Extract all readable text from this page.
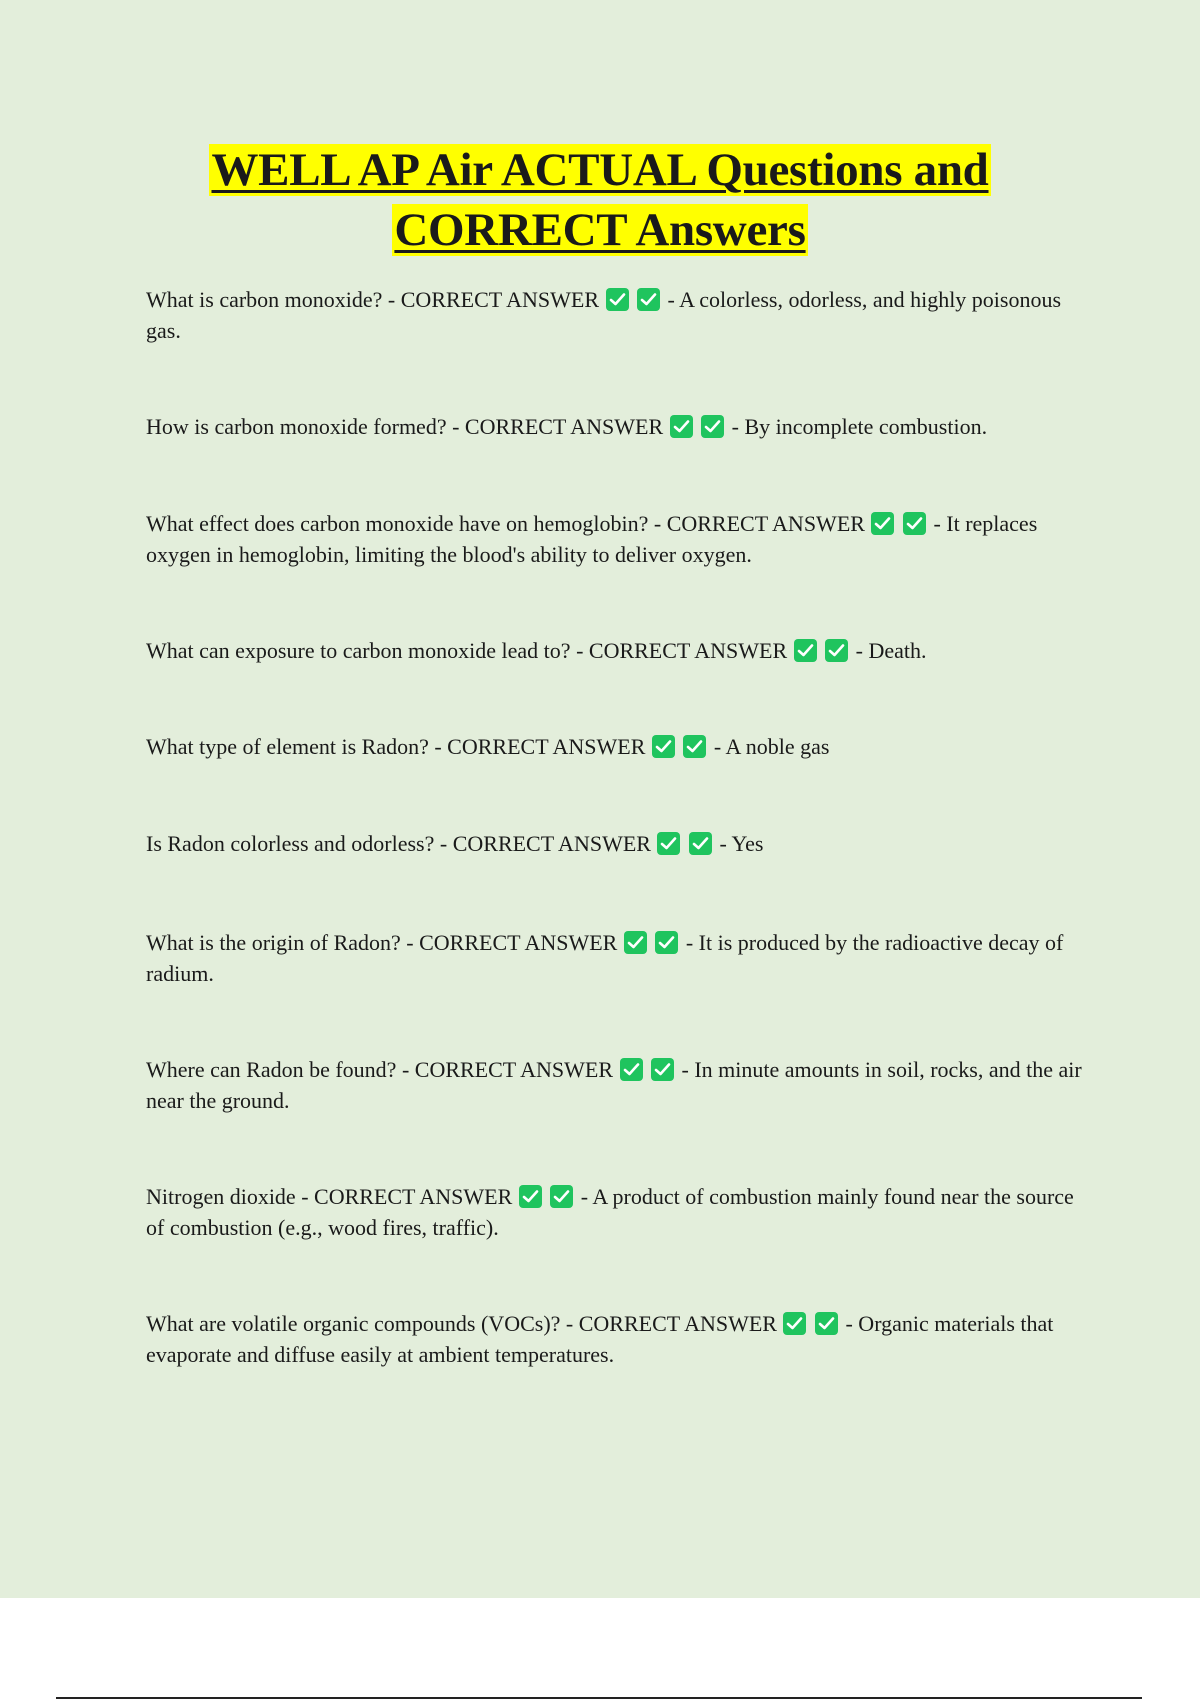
WELL AP Air ACTUAL Questions and
CORRECT Answers
What is carbon monoxide? - CORRECT ANSWER
	- A colorless, odorless, and highly poisonous gas.
How is carbon monoxide formed? - CORRECT ANSWER
	- By incomplete combustion.
What effect does carbon monoxide have on hemoglobin? - CORRECT ANSWER
	- It replaces oxygen in hemoglobin, limiting the blood's ability to deliver oxygen.
What can exposure to carbon monoxide lead to? - CORRECT ANSWER
	- Death.
What type of element is Radon? - CORRECT ANSWER
	- A noble gas
Is Radon colorless and odorless? - CORRECT ANSWER
	- Yes
What is the origin of Radon? - CORRECT ANSWER
	- It is produced by the radioactive decay of radium.
Where can Radon be found? - CORRECT ANSWER
	- In minute amounts in soil, rocks, and the air near the ground.
Nitrogen dioxide - CORRECT ANSWER
	- A product of combustion mainly found near the source of combustion (e.g., wood fires, traffic).
What are volatile organic compounds (VOCs)? - CORRECT ANSWER
	- Organic materials that evaporate and diffuse easily at ambient temperatures.
